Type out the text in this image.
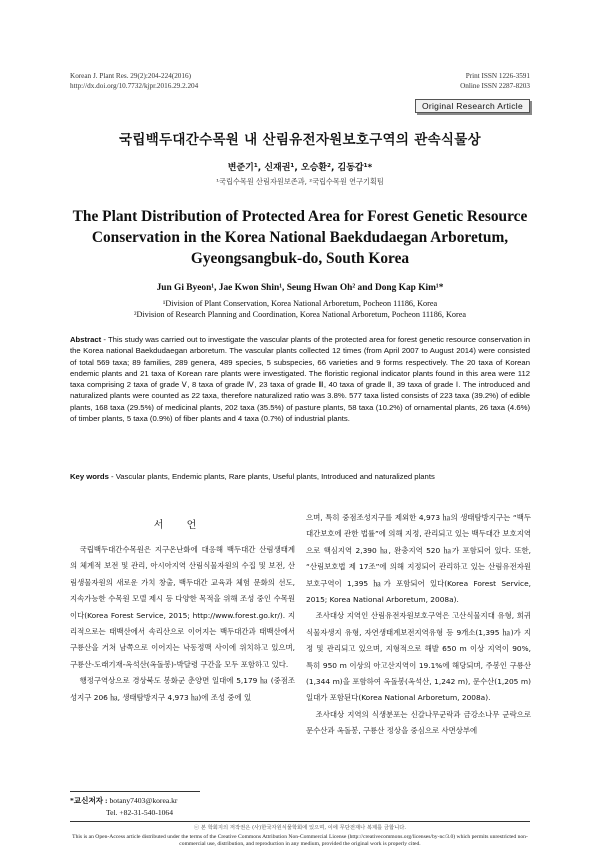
Korean J. Plant Res. 29(2):204-224(2016)
http://dx.doi.org/10.7732/kjpr.2016.29.2.204
Print ISSN 1226-3591
Online ISSN 2287-8203
Original Research Article
국립백두대간수목원 내 산림유전자원보호구역의 관속식물상
변준기¹, 신재권¹, 오승환², 김동갑¹*
¹국립수목원 산림자원보존과, ²국립수목원 연구기획팀
The Plant Distribution of Protected Area for Forest Genetic Resource Conservation in the Korea National Baekdudaegan Arboretum, Gyeongsangbuk-do, South Korea
Jun Gi Byeon¹, Jae Kwon Shin¹, Seung Hwan Oh² and Dong Kap Kim¹*
¹Division of Plant Conservation, Korea National Arboretum, Pocheon 11186, Korea
²Division of Research Planning and Coordination, Korea National Arboretum, Pocheon 11186, Korea
Abstract - This study was carried out to investigate the vascular plants of the protected area for forest genetic resource conservation in the Korea national Baekdudaegan arboretum. The vascular plants collected 12 times (from April 2007 to August 2014) were consisted of total 569 taxa; 89 families, 289 genera, 489 species, 5 subspecies, 66 varieties and 9 forms respectively. The 20 taxa of Korean endemic plants and 21 taxa of Korean rare plants were investigated. The floristic regional indicator plants found in this area were 112 taxa comprising 2 taxa of grade Ⅴ, 8 taxa of grade Ⅳ, 23 taxa of grade Ⅲ, 40 taxa of grade Ⅱ, 39 taxa of grade Ⅰ. The introduced and naturalized plants were counted as 22 taxa, therefore naturalized ratio was 3.8%. 577 taxa listed consists of 223 taxa (39.2%) of edible plants, 168 taxa (29.5%) of medicinal plants, 202 taxa (35.5%) of pasture plants, 58 taxa (10.2%) of ornamental plants, 26 taxa (4.6%) of timber plants, 5 taxa (0.9%) of fiber plants and 4 taxa (0.7%) of industrial plants.
Key words - Vascular plants, Endemic plants, Rare plants, Useful plants, Introduced and naturalized plants
서 언

국립백두대간수목원은 지구온난화에 대응해 백두대간 산림생태계의 체계적 보전 및 관리, 아시아지역 산림식물자원의 수집 및 보전, 산림생물자원의 새로운 가치 창출, 백두대간 교육과 체험 문화의 선도, 지속가능한 수목원 모델 제시 등 다양한 목적을 위해 조성 중인 수목원이다(Korea Forest Service, 2015; http://www.forest.go.kr/). 지리적으로는 태백산에서 속리산으로 이어지는 백두대간과 태백산에서 구룡산을 거쳐 남쪽으로 이어지는 낙동정맥 사이에 위치하고 있으며, 구룡산-도래기재-옥석산(옥돌봉)-박달령 구간을 모두 포함하고 있다.

행정구역상으로 경상북도 봉화군 춘양면 일대에 5,179 ㏊ (중점조성지구 206 ㏊, 생태탐방지구 4,973 ㏊)에 조성 중에 있

으며, 특히 중점조성지구를 제외한 4,973 ㏊의 생태탐방지구는 “백두대간보호에 관한 법률”에 의해 지정, 관리되고 있는 백두대간 보호지역으로 핵심지역 2,390 ㏊, 완충지역 520 ㏊가 포함되어 있다. 또한, “산림보호법 제 17조”에 의해 지정되어 관리하고 있는 산림유전자원보호구역이 1,395 ㏊가 포함되어 있다(Korea Forest Service, 2015; Korea National Arboretum, 2008a).

조사대상 지역인 산림유전자원보호구역은 고산식물지대 유형, 희귀식물자생지 유형, 자연생태계보전지역유형 등 9개소(1,395 ㏊)가 지정 및 관리되고 있으며, 지형적으로 해발 650 m 이상 지역이 90%, 특히 950 m 이상의 아고산지역이 19.1%에 해당되며, 주봉인 구룡산(1,344 m)을 포함하여 옥돌봉(옥석산, 1,242 m), 문수산(1,205 m)일대가 포함된다(Korea National Arboretum, 2008a).

조사대상 지역의 식생분포는 신갈나무군락과 금강소나무 군락으로 문수산과 옥돌봉, 구룡산 정상을 중심으로 사면상부에

*교신저자 : botany7403@korea.kr
Tel. +82-31-540-1064
ⓒ 본 학회지의 저작권은 (사)한국자원식물학회에 있으며, 이에 무단전재나 복제를 금합니다.
This is an Open-Access article distributed under the terms of the Creative Commons Attribution Non-Commercial License (http://creativecommons.org/licenses/by-nc/3.0) which permits unrestricted non-commercial use, distribution, and reproduction in any medium, provided the original work is properly cited.
